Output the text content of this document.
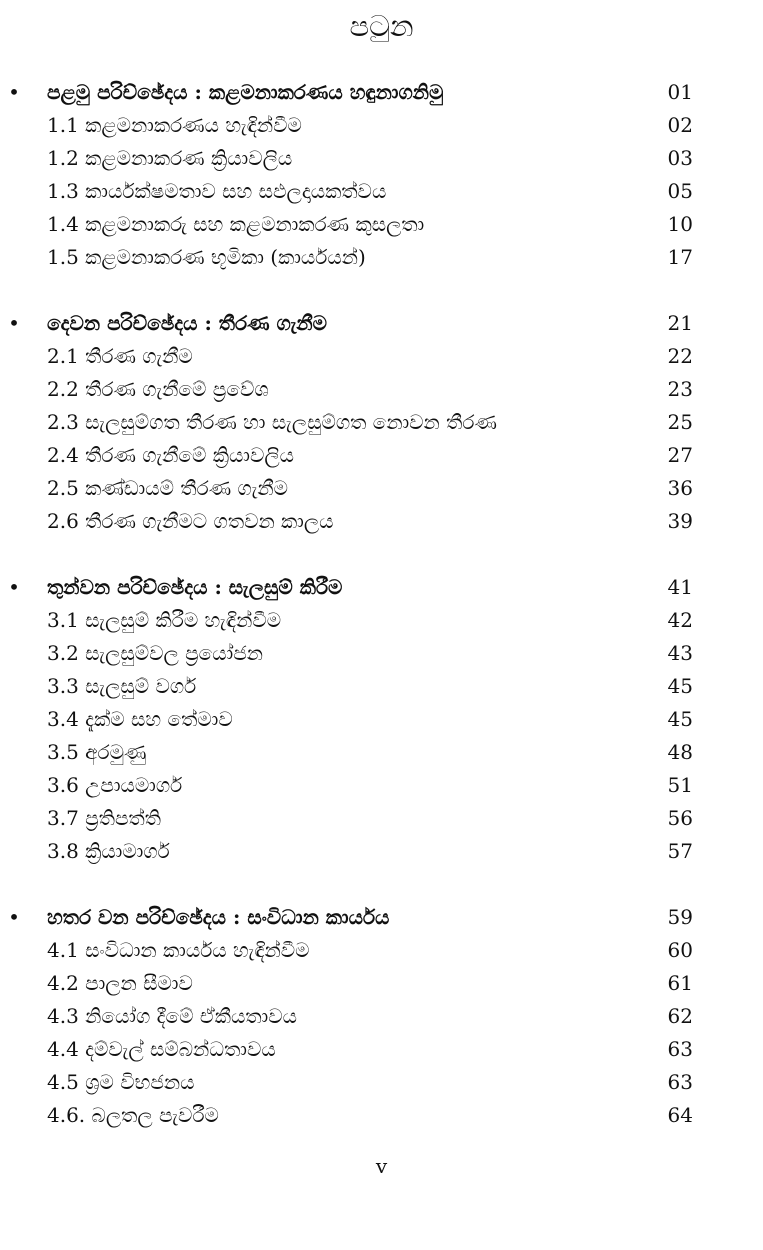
පටුන
• පළමු පරිච්ඡේදය : කළමනාකරණය හඳුනාගනිමු	01
1.1 කළමනාකරණය හැඳින්වීම	02
1.2 කළමනාකරණ ක්‍රියාවලිය	03
1.3 කාර්යක්ෂමතාව සහ සඵලදායකත්වය	05
1.4 කළමනාකරු සහ කළමනාකරණ කුසලතා	10
1.5 කළමනාකරණ භූමිකා (කාර්යයන්)	17
• දෙවන පරිච්ඡේදය : තීරණ ගැනීම	21
2.1 තීරණ ගැනීම	22
2.2 තීරණ ගැනීමේ ප්‍රවේශ	23
2.3 සැලසුම්ගත තීරණ හා සැලසුම්ගත නොවන තීරණ	25
2.4 තීරණ ගැනීමේ ක්‍රියාවලිය	27
2.5 කණ්ඩායම් තීරණ ගැනීම	36
2.6 තීරණ ගැනීමට ගතවන කාලය	39
• තුන්වන පරිච්ඡේදය : සැලසුම් කිරීම	41
3.1 සැලසුම් කිරීම හැඳින්වීම	42
3.2 සැලසුම්වල ප්‍රයෝජන	43
3.3 සැලසුම් වර්ග	45
3.4 දැක්ම සහ තේමාව	45
3.5 අරමුණු	48
3.6 උපායමාර්ග	51
3.7 ප්‍රතිපත්ති	56
3.8 ක්‍රියාමාර්ග	57
• හතර වන පරිච්ඡේදය : සංවිධාන කාර්යය	59
4.1 සංවිධාන කාර්යය හැඳින්වීම	60
4.2 පාලන සීමාව	61
4.3 නියෝග දීමේ ඒකීයතාවය	62
4.4 දම්වැල් සම්බන්ධතාවය	63
4.5 ශ්‍රම විභජනය	63
4.6. බලතල පැවරීම	64
v
